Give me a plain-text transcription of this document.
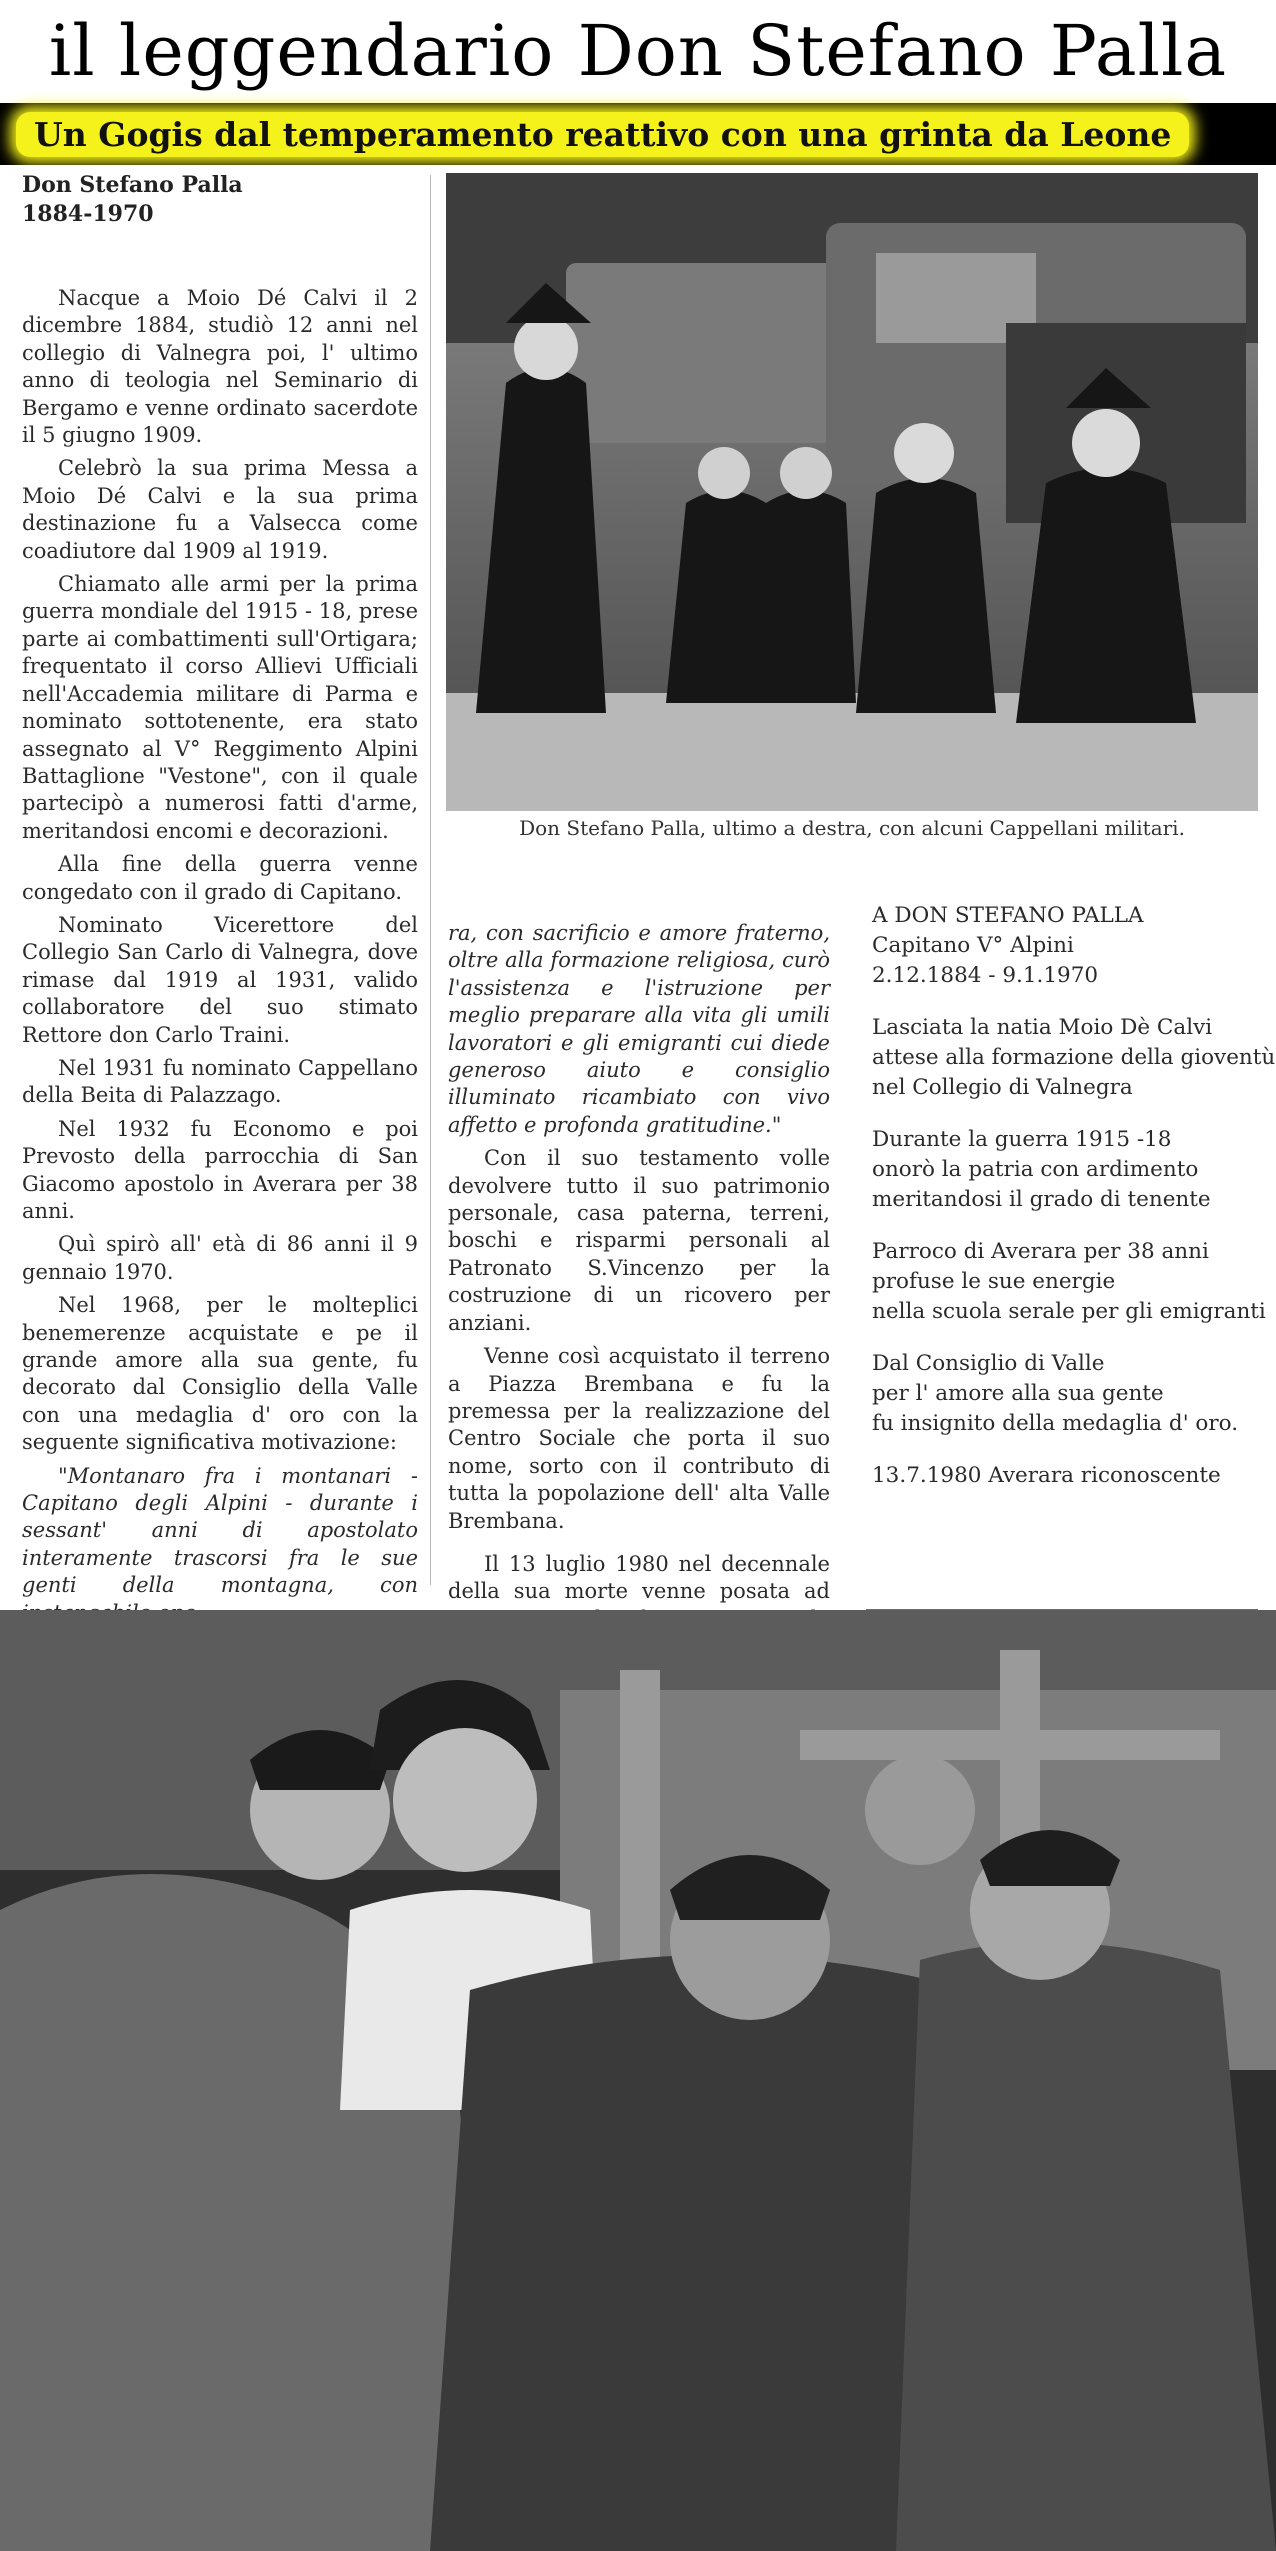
il leggendario Don Stefano Palla
Un Gogis dal temperamento reattivo con una grinta da Leone
Don Stefano Palla
1884-1970

Nacque a Moio Dé Calvi il 2 dicembre 1884, studiò 12 anni nel collegio di Valnegra poi, l' ultimo anno di teologia nel Seminario di Bergamo e venne ordinato sacerdote il 5 giugno 1909.

Celebrò la sua prima Messa a Moio Dé Calvi e la sua prima destinazione fu a Valsecca come coadiutore dal 1909 al 1919.

Chiamato alle armi per la prima guerra mondiale del 1915 - 18, prese parte ai combattimenti sull'Ortigara; frequentato il corso Allievi Ufficiali nell'Accademia militare di Parma e nominato sottotenente, era stato assegnato al V° Reggimento Alpini Battaglione "Vestone", con il quale partecipò a numerosi fatti d'arme, meritandosi encomi e decorazioni.

Alla fine della guerra venne congedato con il grado di Capitano.

Nominato Vicerettore del Collegio San Carlo di Valnegra, dove rimase dal 1919 al 1931, valido collaboratore del suo stimato Rettore don Carlo Traini.

Nel 1931 fu nominato Cappellano della Beita di Palazzago.

Nel 1932 fu Economo e poi Prevosto della parrocchia di San Giacomo apostolo in Averara per 38 anni.

Quì spirò all' età di 86 anni il 9 gennaio 1970.

Nel 1968, per le molteplici benemerenze acquistate e pe il grande amore alla sua gente, fu decorato dal Consiglio della Valle con una medaglia d' oro con la seguente significativa motivazione:

"Montanaro fra i montanari - Capitano degli Alpini - durante i sessant' anni di apostolato interamente trascorsi fra le sue genti della montagna, con

Don Stefano Palla, ultimo a destra, con alcuni Cappellani militari.

ra, con sacrificio e amore fraterno, oltre alla formazione religiosa, curò l'assistenza e l'istruzione per meglio preparare alla vita gli umili lavoratori e gli emigranti cui diede generoso aiuto e consiglio illuminato ricambiato con vivo affetto e profonda gratitudine."

Con il suo testamento volle devolvere tutto il suo patrimonio personale, casa paterna, terreni, boschi e risparmi personali al Patronato S.Vincenzo per la costruzione di un ricovero per anziani.

Venne così acquistato il terreno a Piazza Brembana e fu la premessa per la realizzazione del Centro Sociale che porta il suo nome, sorto con il contributo di tutta la popolazione dell' alta Valle Brembana.

Il 13 luglio 1980 nel decennale della sua morte venne posata ad

A DON STEFANO PALLA
Capitano V° Alpini
2.12.1884 - 9.1.1970
Lasciata la natia Moio Dè Calvi
attese alla formazione della gioventù
nel Collegio di Valnegra
Durante la guerra 1915 -18
onorò la patria con ardimento
meritandosi il grado di tenente
Parroco di Averara per 38 anni
profuse le sue energie
nella scuola serale per gli emigranti
Dal Consiglio di Valle
per l' amore alla sua gente
fu insignito della medaglia d' oro.
13.7.1980 Averara riconoscente
